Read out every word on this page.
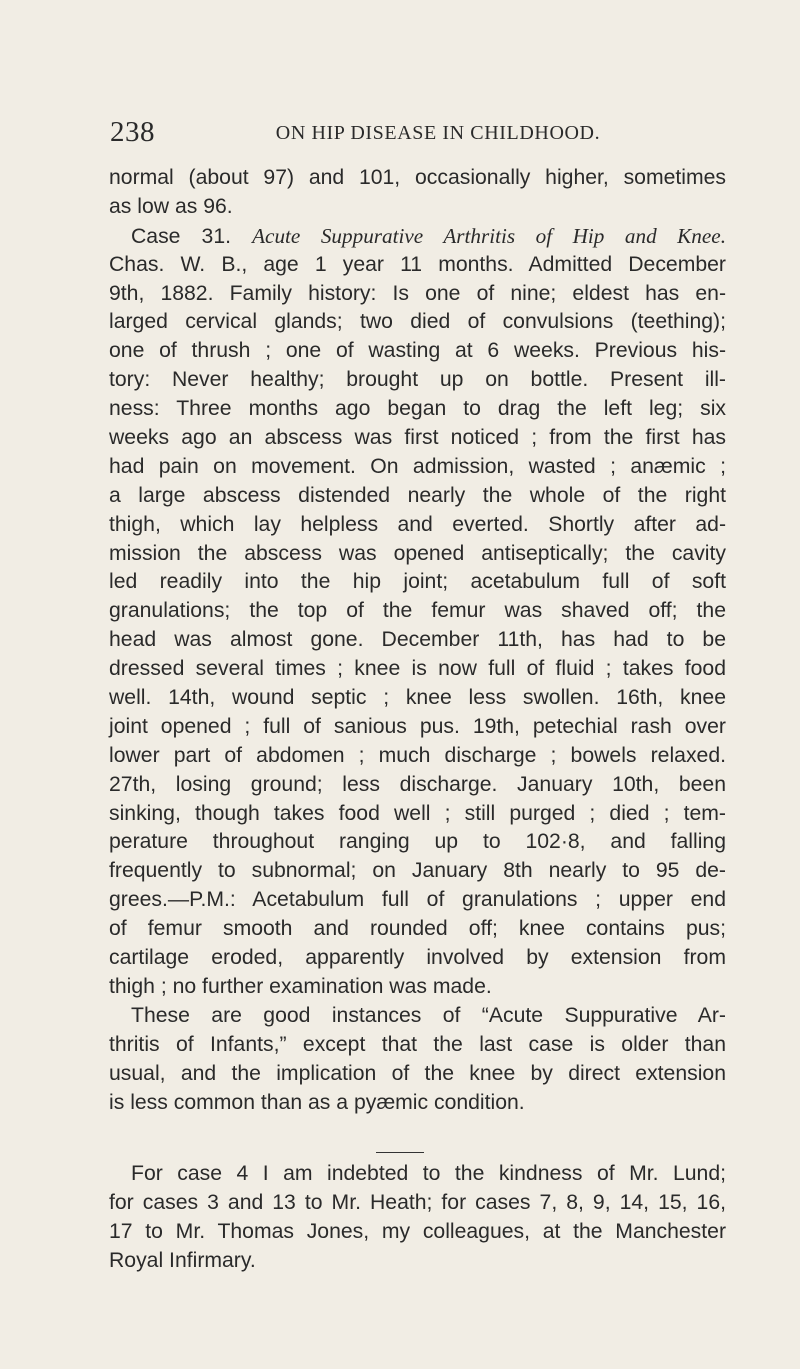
238	ON HIP DISEASE IN CHILDHOOD.
normal (about 97) and 101, occasionally higher, sometimes
as low as 96.
Case 31. Acute Suppurative Arthritis of Hip and Knee.
Chas. W. B., age 1 year 11 months. Admitted December
9th, 1882. Family history: Is one of nine; eldest has en-
larged cervical glands; two died of convulsions (teething);
one of thrush ; one of wasting at 6 weeks. Previous his-
tory: Never healthy; brought up on bottle. Present ill-
ness: Three months ago began to drag the left leg; six
weeks ago an abscess was first noticed ; from the first has
had pain on movement. On admission, wasted ; anæmic ;
a large abscess distended nearly the whole of the right
thigh, which lay helpless and everted. Shortly after ad-
mission the abscess was opened antiseptically; the cavity
led readily into the hip joint; acetabulum full of soft
granulations; the top of the femur was shaved off; the
head was almost gone. December 11th, has had to be
dressed several times ; knee is now full of fluid ; takes food
well. 14th, wound septic ; knee less swollen. 16th, knee
joint opened ; full of sanious pus. 19th, petechial rash over
lower part of abdomen ; much discharge ; bowels relaxed.
27th, losing ground; less discharge. January 10th, been
sinking, though takes food well ; still purged ; died ; tem-
perature throughout ranging up to 102·8, and falling
frequently to subnormal; on January 8th nearly to 95 de-
grees.—P.M.: Acetabulum full of granulations ; upper end
of femur smooth and rounded off; knee contains pus;
cartilage eroded, apparently involved by extension from
thigh ; no further examination was made.
These are good instances of “Acute Suppurative Ar-
thritis of Infants,” except that the last case is older than
usual, and the implication of the knee by direct extension
is less common than as a pyæmic condition.
For case 4 I am indebted to the kindness of Mr. Lund;
for cases 3 and 13 to Mr. Heath; for cases 7, 8, 9, 14, 15, 16,
17 to Mr. Thomas Jones, my colleagues, at the Manchester
Royal Infirmary.
